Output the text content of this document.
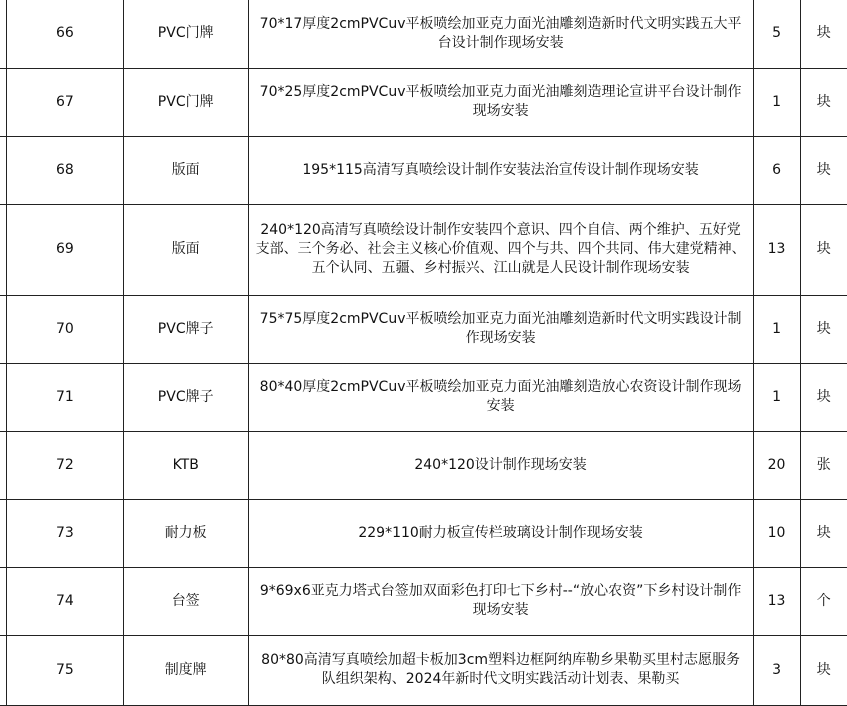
	66	PVC门牌	70*17厚度2cmPVCuv平板喷绘加亚克力面光油雕刻造新时代文明实践五大平台设计制作现场安装	5	块
	67	PVC门牌	70*25厚度2cmPVCuv平板喷绘加亚克力面光油雕刻造理论宣讲平台设计制作现场安装	1	块
	68	版面	195*115高清写真喷绘设计制作安装法治宣传设计制作现场安装	6	块
	69	版面	240*120高清写真喷绘设计制作安装四个意识、四个自信、两个维护、五好党支部、三个务必、社会主义核心价值观、四个与共、四个共同、伟大建党精神、五个认同、五疆、乡村振兴、江山就是人民设计制作现场安装	13	块
	70	PVC牌子	75*75厚度2cmPVCuv平板喷绘加亚克力面光油雕刻造新时代文明实践设计制作现场安装	1	块
	71	PVC牌子	80*40厚度2cmPVCuv平板喷绘加亚克力面光油雕刻造放心农资设计制作现场安装	1	块
	72	KTB	240*120设计制作现场安装	20	张
	73	耐力板	229*110耐力板宣传栏玻璃设计制作现场安装	10	块
	74	台签	9*69x6亚克力塔式台签加双面彩色打印七下乡村--“放心农资”下乡村设计制作现场安装	13	个
	75	制度牌	80*80高清写真喷绘加超卡板加3cm塑料边框阿纳库勒乡果勒买里村志愿服务队组织架构、2024年新时代文明实践活动计划表、果勒买	3	块
